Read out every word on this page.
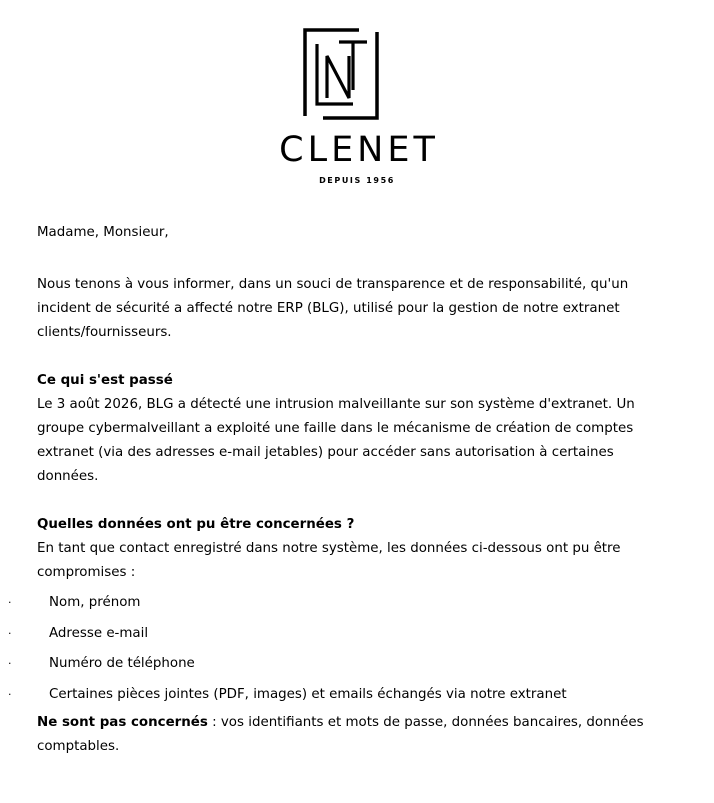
CLENET
DEPUIS 1956

Madame, Monsieur,

Nous tenons à vous informer, dans un souci de transparence et de responsabilité, qu'un incident de sécurité a affecté notre ERP (BLG), utilisé pour la gestion de notre extranet clients/fournisseurs.

Ce qui s'est passé

Le 3 août 2026, BLG a détecté une intrusion malveillante sur son système d'extranet. Un groupe cybermalveillant a exploité une faille dans le mécanisme de création de comptes extranet (via des adresses e-mail jetables) pour accéder sans autorisation à certaines données.

Quelles données ont pu être concernées ?

En tant que contact enregistré dans notre système, les données ci-dessous ont pu être compromises :

·	Nom, prénom
·	Adresse e-mail
·	Numéro de téléphone
·	Certaines pièces jointes (PDF, images) et emails échangés via notre extranet

Ne sont pas concernés : vos identifiants et mots de passe, données bancaires, données comptables.
